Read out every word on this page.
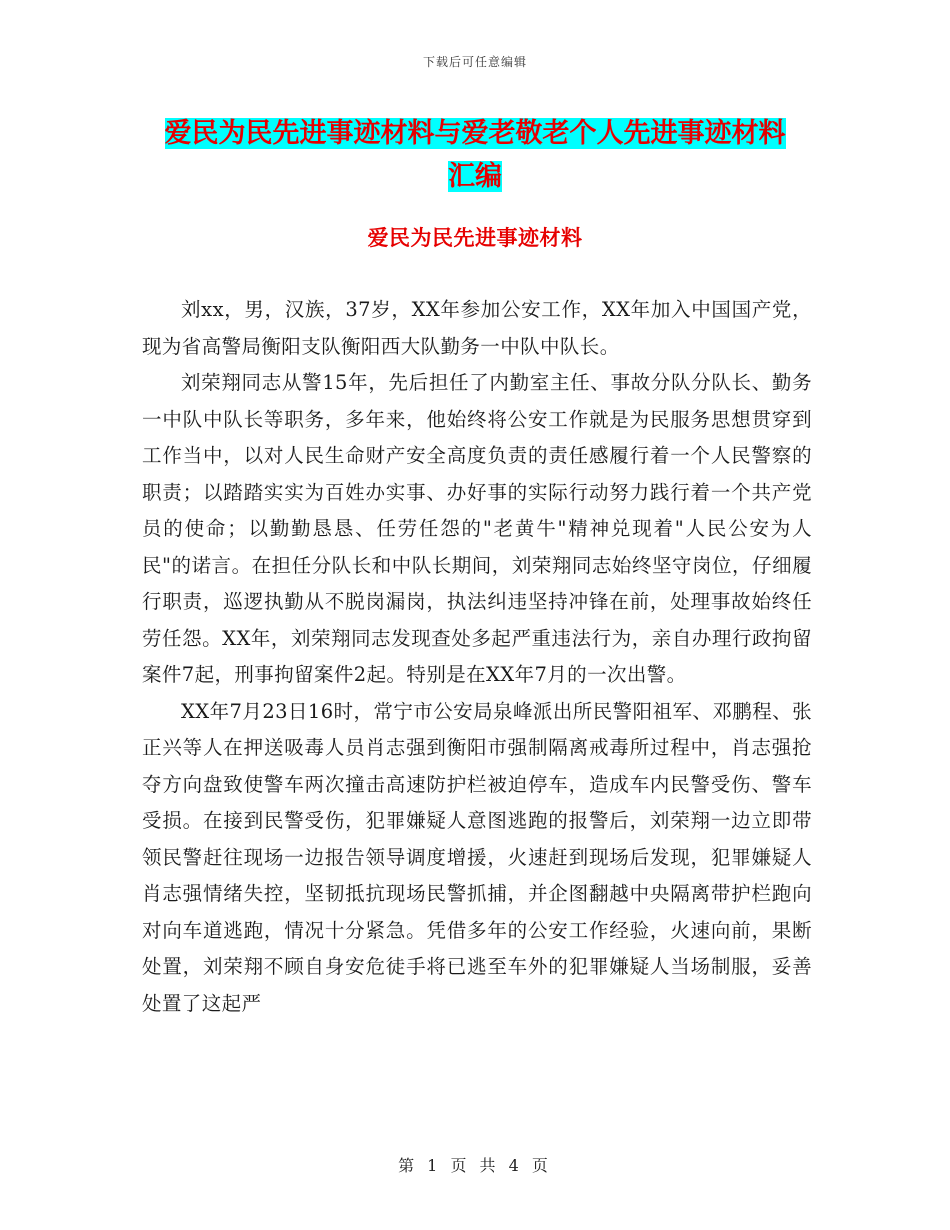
下载后可任意编辑
爱民为民先进事迹材料与爱老敬老个人先进事迹材料
汇编
爱民为民先进事迹材料

刘xx，男，汉族，37岁，XX年参加公安工作，XX年加入中国国产党，现为省高警局衡阳支队衡阳西大队勤务一中队中队长。

刘荣翔同志从警15年，先后担任了内勤室主任、事故分队分队长、勤务一中队中队长等职务，多年来，他始终将公安工作就是为民服务思想贯穿到工作当中，以对人民生命财产安全高度负责的责任感履行着一个人民警察的职责；以踏踏实实为百姓办实事、办好事的实际行动努力践行着一个共产党员的使命；以勤勤恳恳、任劳任怨的"老黄牛"精神兑现着"人民公安为人民"的诺言。在担任分队长和中队长期间，刘荣翔同志始终坚守岗位，仔细履行职责，巡逻执勤从不脱岗漏岗，执法纠违坚持冲锋在前，处理事故始终任劳任怨。XX年，刘荣翔同志发现查处多起严重违法行为，亲自办理行政拘留案件7起，刑事拘留案件2起。特别是在XX年7月的一次出警。

XX年7月23日16时，常宁市公安局泉峰派出所民警阳祖军、邓鹏程、张正兴等人在押送吸毒人员肖志强到衡阳市强制隔离戒毒所过程中，肖志强抢夺方向盘致使警车两次撞击高速防护栏被迫停车，造成车内民警受伤、警车受损。在接到民警受伤，犯罪嫌疑人意图逃跑的报警后，刘荣翔一边立即带领民警赶往现场一边报告领导调度增援，火速赶到现场后发现，犯罪嫌疑人肖志强情绪失控，坚韧抵抗现场民警抓捕，并企图翻越中央隔离带护栏跑向对向车道逃跑，情况十分紧急。凭借多年的公安工作经验，火速向前，果断处置，刘荣翔不顾自身安危徒手将已逃至车外的犯罪嫌疑人当场制服，妥善处置了这起严

第 1 页 共 4 页
